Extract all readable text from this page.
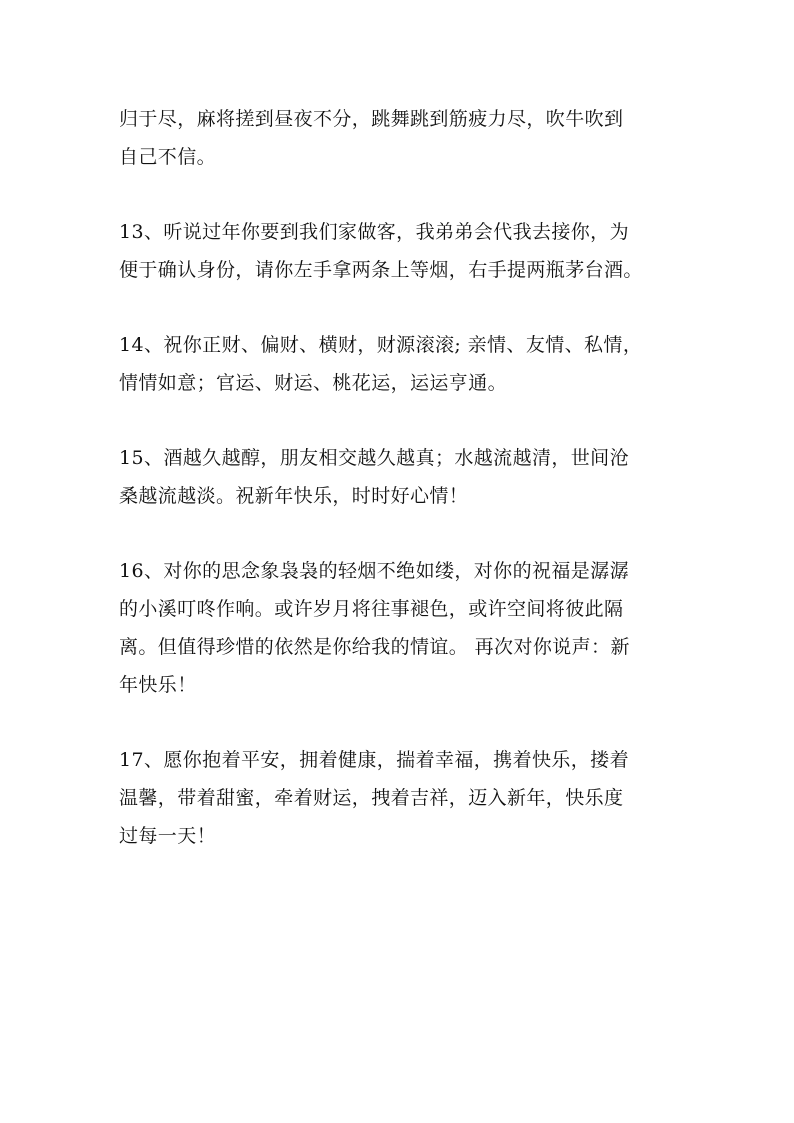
归于尽，麻将搓到昼夜不分，跳舞跳到筋疲力尽，吹牛吹到
自己不信。

13、听说过年你要到我们家做客，我弟弟会代我去接你，为
便于确认身份，请你左手拿两条上等烟，右手提两瓶茅台酒。

14、祝你正财、偏财、横财，财源滚滚; 亲情、友情、私情，
情情如意；官运、财运、桃花运，运运亨通。

15、酒越久越醇，朋友相交越久越真；水越流越清，世间沧
桑越流越淡。祝新年快乐，时时好心情！

16、对你的思念象袅袅的轻烟不绝如缕，对你的祝福是潺潺
的小溪叮咚作响。或许岁月将往事褪色，或许空间将彼此隔
离。但值得珍惜的依然是你给我的情谊。 再次对你说声：新
年快乐！

17、愿你抱着平安，拥着健康，揣着幸福，携着快乐，搂着
温馨，带着甜蜜，牵着财运，拽着吉祥，迈入新年，快乐度
过每一天！
